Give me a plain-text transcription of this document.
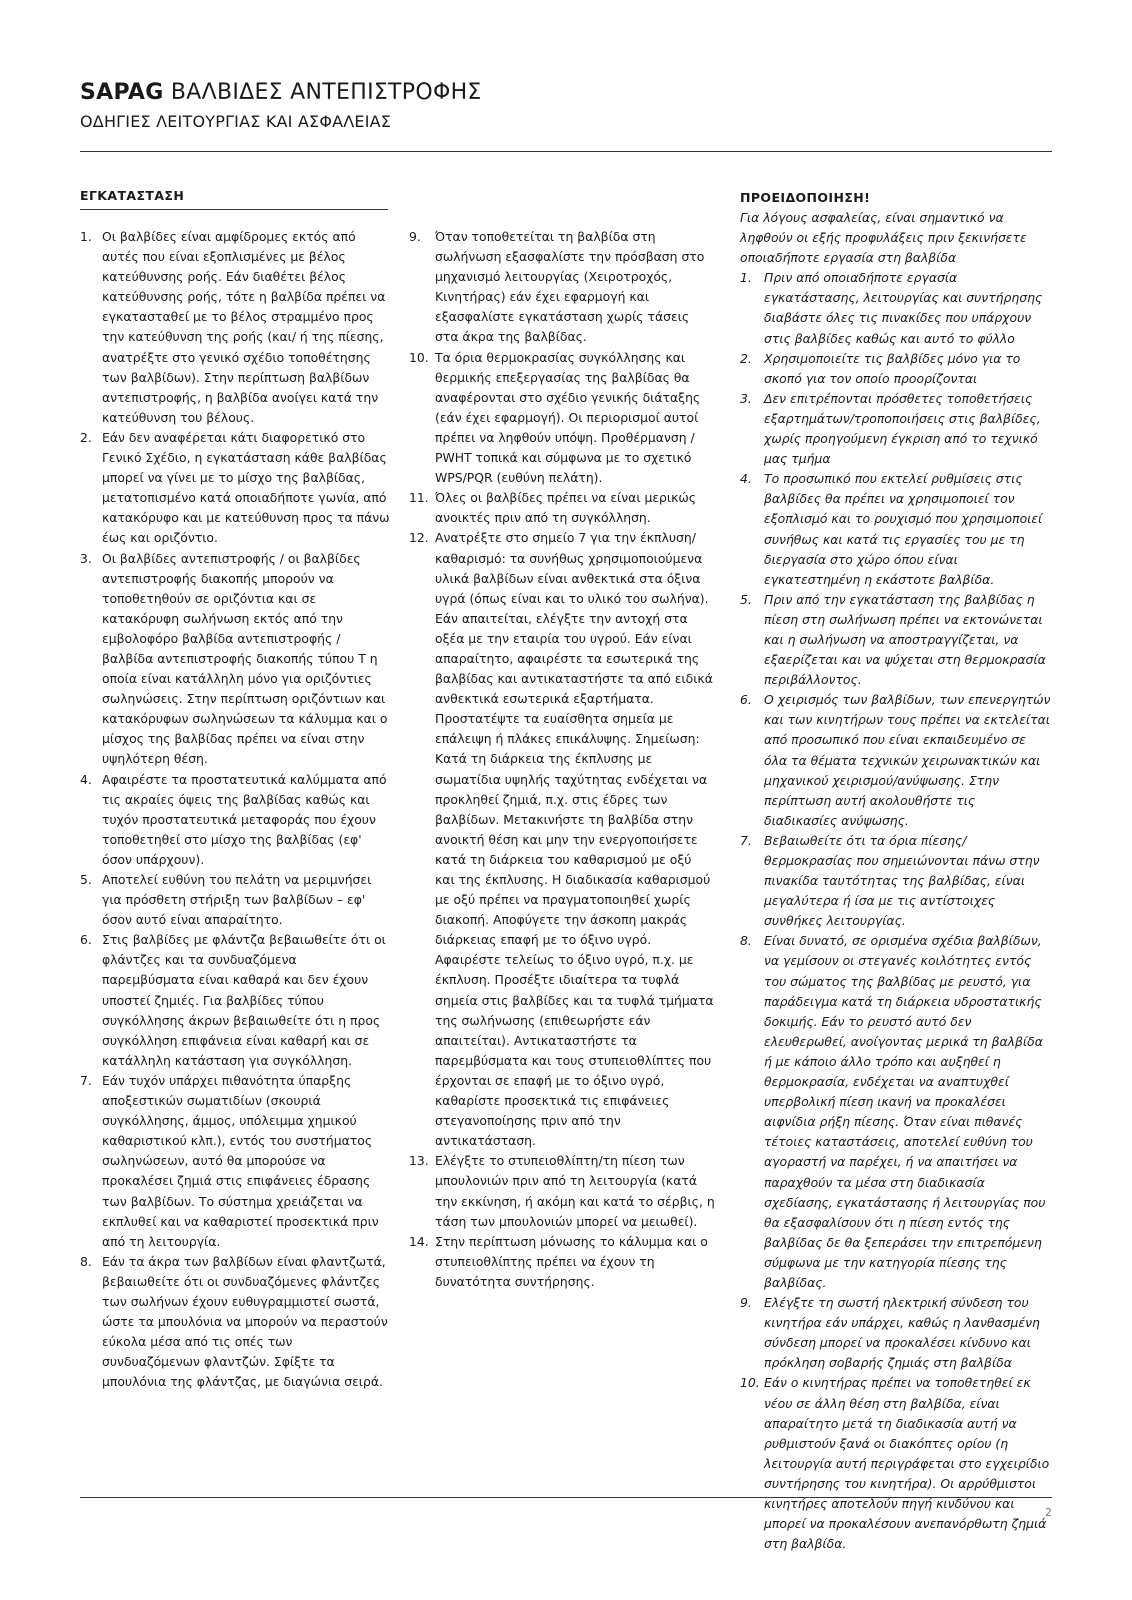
SAPAG ΒΑΛΒΙΔΕΣ ΑΝΤΕΠΙΣΤΡΟΦΗΣ
ΟΔΗΓΙΕΣ ΛΕΙΤΟΥΡΓΙΑΣ ΚΑΙ ΑΣΦΑΛΕΙΑΣ
ΕΓΚΑΤΑΣΤΑΣΗ
1. Οι βαλβίδες είναι αμφίδρομες εκτός από αυτές που είναι εξοπλισμένες με βέλος κατεύθυνσης ροής. Εάν διαθέτει βέλος κατεύθυνσης ροής, τότε η βαλβίδα πρέπει να εγκατασταθεί με το βέλος στραμμένο προς την κατεύθυνση της ροής (και/ ή της πίεσης, ανατρέξτε στο γενικό σχέδιο τοποθέτησης των βαλβίδων). Στην περίπτωση βαλβίδων αντεπιστροφής, η βαλβίδα ανοίγει κατά την κατεύθυνση του βέλους.
2. Εάν δεν αναφέρεται κάτι διαφορετικό στο Γενικό Σχέδιο, η εγκατάσταση κάθε βαλβίδας μπορεί να γίνει με το μίσχο της βαλβίδας, μετατοπισμένο κατά οποιαδήποτε γωνία, από κατακόρυφο και με κατεύθυνση προς τα πάνω έως και οριζόντιο.
3. Οι βαλβίδες αντεπιστροφής / οι βαλβίδες αντεπιστροφής διακοπής μπορούν να τοποθετηθούν σε οριζόντια και σε κατακόρυφη σωλήνωση εκτός από την εμβολοφόρο βαλβίδα αντεπιστροφής / βαλβίδα αντεπιστροφής διακοπής τύπου T η οποία είναι κατάλληλη μόνο για οριζόντιες σωληνώσεις. Στην περίπτωση οριζόντιων και κατακόρυφων σωληνώσεων τα κάλυμμα και ο μίσχος της βαλβίδας πρέπει να είναι στην υψηλότερη θέση.
4. Αφαιρέστε τα προστατευτικά καλύμματα από τις ακραίες όψεις της βαλβίδας καθώς και τυχόν προστατευτικά μεταφοράς που έχουν τοποθετηθεί στο μίσχο της βαλβίδας (εφ' όσον υπάρχουν).
5. Αποτελεί ευθύνη του πελάτη να μεριμνήσει για πρόσθετη στήριξη των βαλβίδων – εφ' όσον αυτό είναι απαραίτητο.
6. Στις βαλβίδες με φλάντζα βεβαιωθείτε ότι οι φλάντζες και τα συνδυαζόμενα παρεμβύσματα είναι καθαρά και δεν έχουν υποστεί ζημιές. Για βαλβίδες τύπου συγκόλλησης άκρων βεβαιωθείτε ότι η προς συγκόλληση επιφάνεια είναι καθαρή και σε κατάλληλη κατάσταση για συγκόλληση.
7. Εάν τυχόν υπάρχει πιθανότητα ύπαρξης αποξεστικών σωματιδίων (σκουριά συγκόλλησης, άμμος, υπόλειμμα χημικού καθαριστικού κλπ.), εντός του συστήματος σωληνώσεων, αυτό θα μπορούσε να προκαλέσει ζημιά στις επιφάνειες έδρασης των βαλβίδων. Το σύστημα χρειάζεται να εκπλυθεί και να καθαριστεί προσεκτικά πριν από τη λειτουργία.
8. Εάν τα άκρα των βαλβίδων είναι φλαντζωτά, βεβαιωθείτε ότι οι συνδυαζόμενες φλάντζες των σωλήνων έχουν ευθυγραμμιστεί σωστά, ώστε τα μπουλόνια να μπορούν να περαστούν εύκολα μέσα από τις οπές των συνδυαζόμενων φλαντζών. Σφίξτε τα μπουλόνια της φλάντζας, με διαγώνια σειρά.
9. Όταν τοποθετείται τη βαλβίδα στη σωλήνωση εξασφαλίστε την πρόσβαση στο μηχανισμό λειτουργίας (Χειροτροχός, Κινητήρας) εάν έχει εφαρμογή και εξασφαλίστε εγκατάσταση χωρίς τάσεις στα άκρα της βαλβίδας.
10. Τα όρια θερμοκρασίας συγκόλλησης και θερμικής επεξεργασίας της βαλβίδας θα αναφέρονται στο σχέδιο γενικής διάταξης (εάν έχει εφαρμογή). Οι περιορισμοί αυτοί πρέπει να ληφθούν υπόψη. Προθέρμανση / PWHT τοπικά και σύμφωνα με το σχετικό WPS/PQR (ευθύνη πελάτη).
11. Όλες οι βαλβίδες πρέπει να είναι μερικώς ανοικτές πριν από τη συγκόλληση.
12. Ανατρέξτε στο σημείο 7 για την έκπλυση/ καθαρισμό: τα συνήθως χρησιμοποιούμενα υλικά βαλβίδων είναι ανθεκτικά στα όξινα υγρά (όπως είναι και το υλικό του σωλήνα). Εάν απαιτείται, ελέγξτε την αντοχή στα οξέα με την εταιρία του υγρού. Εάν είναι απαραίτητο, αφαιρέστε τα εσωτερικά της βαλβίδας και αντικαταστήστε τα από ειδικά ανθεκτικά εσωτερικά εξαρτήματα. Προστατέψτε τα ευαίσθητα σημεία με επάλειψη ή πλάκες επικάλυψης. Σημείωση: Κατά τη διάρκεια της έκπλυσης με σωματίδια υψηλής ταχύτητας ενδέχεται να προκληθεί ζημιά, π.χ. στις έδρες των βαλβίδων. Μετακινήστε τη βαλβίδα στην ανοικτή θέση και μην την ενεργοποιήσετε κατά τη διάρκεια του καθαρισμού με οξύ και της έκπλυσης. Η διαδικασία καθαρισμού με οξύ πρέπει να πραγματοποιηθεί χωρίς διακοπή. Αποφύγετε την άσκοπη μακράς διάρκειας επαφή με το όξινο υγρό. Αφαιρέστε τελείως το όξινο υγρό, π.χ. με έκπλυση. Προσέξτε ιδιαίτερα τα τυφλά σημεία στις βαλβίδες και τα τυφλά τμήματα της σωλήνωσης (επιθεωρήστε εάν απαιτείται). Αντικαταστήστε τα παρεμβύσματα και τους στυπειοθλίπτες που έρχονται σε επαφή με το όξινο υγρό, καθαρίστε προσεκτικά τις επιφάνειες στεγανοποίησης πριν από την αντικατάσταση.
13. Ελέγξτε το στυπειοθλίπτη/τη πίεση των μπουλονιών πριν από τη λειτουργία (κατά την εκκίνηση, ή ακόμη και κατά το σέρβις, η τάση των μπουλονιών μπορεί να μειωθεί).
14. Στην περίπτωση μόνωσης το κάλυμμα και ο στυπειοθλίπτης πρέπει να έχουν τη δυνατότητα συντήρησης.
ΠΡΟΕΙΔΟΠΟΙΗΣΗ!
Για λόγους ασφαλείας, είναι σημαντικό να ληφθούν οι εξής προφυλάξεις πριν ξεκινήσετε οποιαδήποτε εργασία στη βαλβίδα
1. Πριν από οποιαδήποτε εργασία εγκατάστασης, λειτουργίας και συντήρησης διαβάστε όλες τις πινακίδες που υπάρχουν στις βαλβίδες καθώς και αυτό το φύλλο
2. Χρησιμοποιείτε τις βαλβίδες μόνο για το σκοπό για τον οποίο προορίζονται
3. Δεν επιτρέπονται πρόσθετες τοποθετήσεις εξαρτημάτων/τροποποιήσεις στις βαλβίδες, χωρίς προηγούμενη έγκριση από το τεχνικό μας τμήμα
4. Το προσωπικό που εκτελεί ρυθμίσεις στις βαλβίδες θα πρέπει να χρησιμοποιεί τον εξοπλισμό και το ρουχισμό που χρησιμοποιεί συνήθως και κατά τις εργασίες του με τη διεργασία στο χώρο όπου είναι εγκατεστημένη η εκάστοτε βαλβίδα.
5. Πριν από την εγκατάσταση της βαλβίδας η πίεση στη σωλήνωση πρέπει να εκτονώνεται και η σωλήνωση να αποστραγγίζεται, να εξαερίζεται και να ψύχεται στη θερμοκρασία περιβάλλοντος.
6. Ο χειρισμός των βαλβίδων, των επενεργητών και των κινητήρων τους πρέπει να εκτελείται από προσωπικό που είναι εκπαιδευμένο σε όλα τα θέματα τεχνικών χειρωνακτικών και μηχανικού χειρισμού/ανύψωσης. Στην περίπτωση αυτή ακολουθήστε τις διαδικασίες ανύψωσης.
7. Βεβαιωθείτε ότι τα όρια πίεσης/θερμοκρασίας που σημειώνονται πάνω στην πινακίδα ταυτότητας της βαλβίδας, είναι μεγαλύτερα ή ίσα με τις αντίστοιχες συνθήκες λειτουργίας.
8. Είναι δυνατό, σε ορισμένα σχέδια βαλβίδων, να γεμίσουν οι στεγανές κοιλότητες εντός του σώματος της βαλβίδας με ρευστό, για παράδειγμα κατά τη διάρκεια υδροστατικής δοκιμής. Εάν το ρευστό αυτό δεν ελευθερωθεί, ανοίγοντας μερικά τη βαλβίδα ή με κάποιο άλλο τρόπο και αυξηθεί η θερμοκρασία, ενδέχεται να αναπτυχθεί υπερβολική πίεση ικανή να προκαλέσει αιφνίδια ρήξη πίεσης. Όταν είναι πιθανές τέτοιες καταστάσεις, αποτελεί ευθύνη του αγοραστή να παρέχει, ή να απαιτήσει να παραχθούν τα μέσα στη διαδικασία σχεδίασης, εγκατάστασης ή λειτουργίας που θα εξασφαλίσουν ότι η πίεση εντός της βαλβίδας δε θα ξεπεράσει την επιτρεπόμενη σύμφωνα με την κατηγορία πίεσης της βαλβίδας.
9. Ελέγξτε τη σωστή ηλεκτρική σύνδεση του κινητήρα εάν υπάρχει, καθώς η λανθασμένη σύνδεση μπορεί να προκαλέσει κίνδυνο και πρόκληση σοβαρής ζημιάς στη βαλβίδα
10. Εάν ο κινητήρας πρέπει να τοποθετηθεί εκ νέου σε άλλη θέση στη βαλβίδα, είναι απαραίτητο μετά τη διαδικασία αυτή να ρυθμιστούν ξανά οι διακόπτες ορίου (η λειτουργία αυτή περιγράφεται στο εγχειρίδιο συντήρησης του κινητήρα). Οι αρρύθμιστοι κινητήρες αποτελούν πηγή κινδύνου και μπορεί να προκαλέσουν ανεπανόρθωτη ζημιά στη βαλβίδα.
2
